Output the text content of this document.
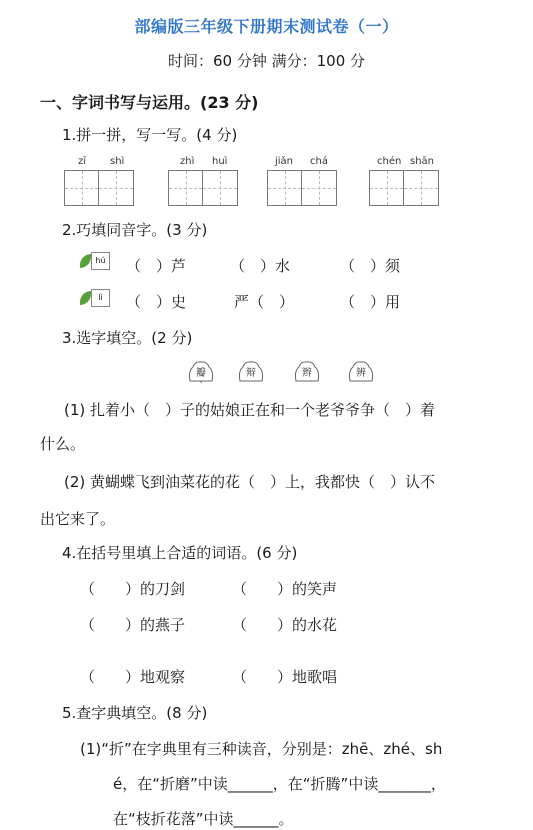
部编版三年级下册期末测试卷（一）
时间：60 分钟 满分：100 分
一、字词书写与运用。(23 分)
1.拼一拼，写一写。(4 分)
zī shì	zhì huì	jiǎn chá	chén shān
2.巧填同音字。(3 分)
hú （　）芦	（　）水	（　）须
lì	（　）史	严（　）	（　）用
3.选字填空。(2 分)
瓣	辩	辫	辨
(1) 扎着小（　）子的姑娘正在和一个老爷爷争（　）着
什么。
(2) 黄蝴蝶飞到油菜花的花（　）上，我都快（　）认不
出它来了。
4.在括号里填上合适的词语。(6 分)
（　　）的刀剑	（　　）的笑声
（　　）的燕子	（　　）的水花
（　　）地观察	（　　）地歌唱
5.查字典填空。(8 分)
(1)“折”在字典里有三种读音，分别是：zhē、zhé、sh
é，在“折磨”中读______，在“折腾”中读_______，
在“枝折花落”中读______。
